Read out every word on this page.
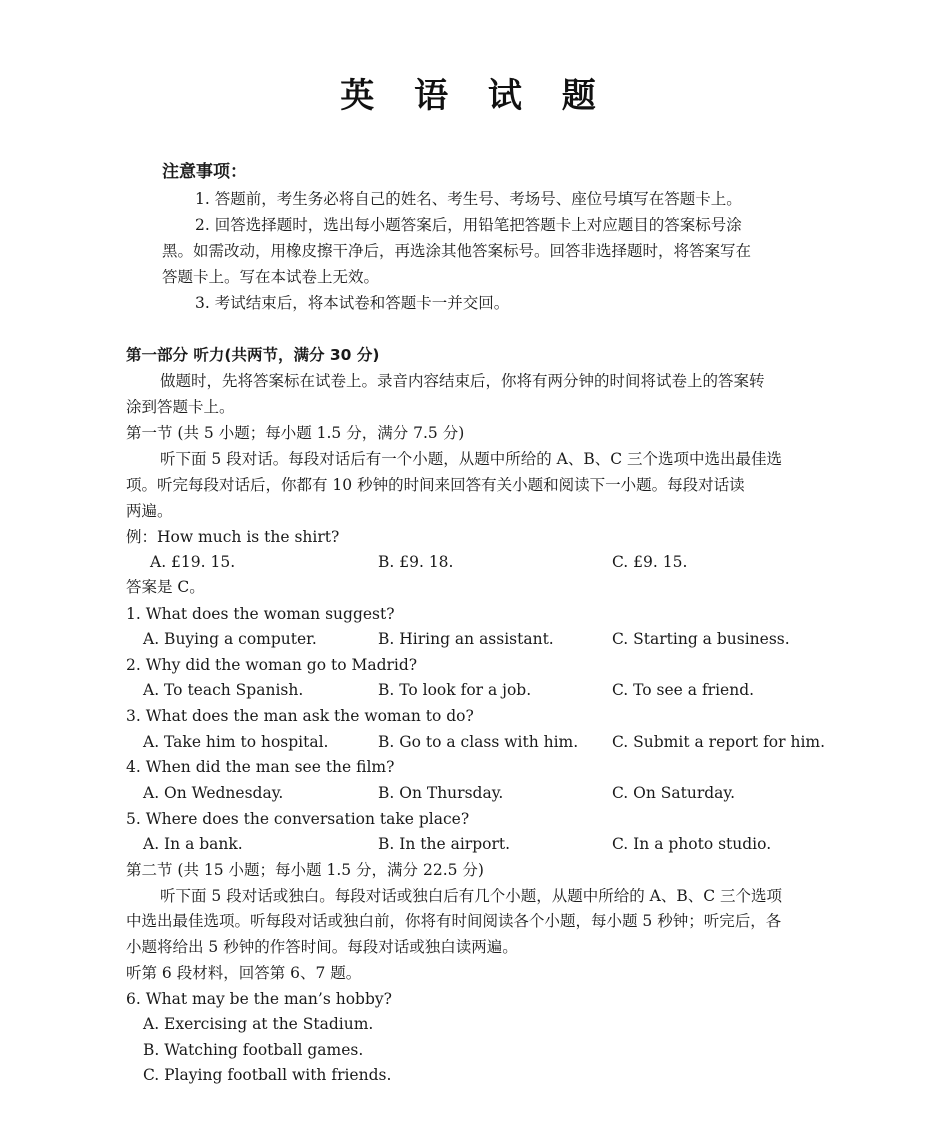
英 语 试 题
注意事项：
1. 答题前，考生务必将自己的姓名、考生号、考场号、座位号填写在答题卡上。
2. 回答选择题时，选出每小题答案后，用铅笔把答题卡上对应题目的答案标号涂
黑。如需改动，用橡皮擦干净后，再选涂其他答案标号。回答非选择题时，将答案写在
答题卡上。写在本试卷上无效。
3. 考试结束后，将本试卷和答题卡一并交回。
第一部分 听力(共两节，满分 30 分)
做题时，先将答案标在试卷上。录音内容结束后，你将有两分钟的时间将试卷上的答案转
涂到答题卡上。
第一节 (共 5 小题；每小题 1.5 分，满分 7.5 分)
听下面 5 段对话。每段对话后有一个小题，从题中所给的 A、B、C 三个选项中选出最佳选
项。听完每段对话后，你都有 10 秒钟的时间来回答有关小题和阅读下一小题。每段对话读
两遍。
例：How much is the shirt?
A. £19. 15.	B. £9. 18.	C. £9. 15.
答案是 C。
1. What does the woman suggest?
A. Buying a computer.	B. Hiring an assistant.	C. Starting a business.
2. Why did the woman go to Madrid?
A. To teach Spanish.	B. To look for a job.	C. To see a friend.
3. What does the man ask the woman to do?
A. Take him to hospital.	B. Go to a class with him. C. Submit a report for him.
4. When did the man see the film?
A. On Wednesday.	B. On Thursday.	C. On Saturday.
5. Where does the conversation take place?
A. In a bank.	B. In the airport.	C. In a photo studio.
第二节 (共 15 小题；每小题 1.5 分，满分 22.5 分)
听下面 5 段对话或独白。每段对话或独白后有几个小题，从题中所给的 A、B、C 三个选项
中选出最佳选项。听每段对话或独白前，你将有时间阅读各个小题，每小题 5 秒钟；听完后，各
小题将给出 5 秒钟的作答时间。每段对话或独白读两遍。
听第 6 段材料，回答第 6、7 题。
6. What may be the man’s hobby?
A. Exercising at the Stadium.
B. Watching football games.
C. Playing football with friends.
